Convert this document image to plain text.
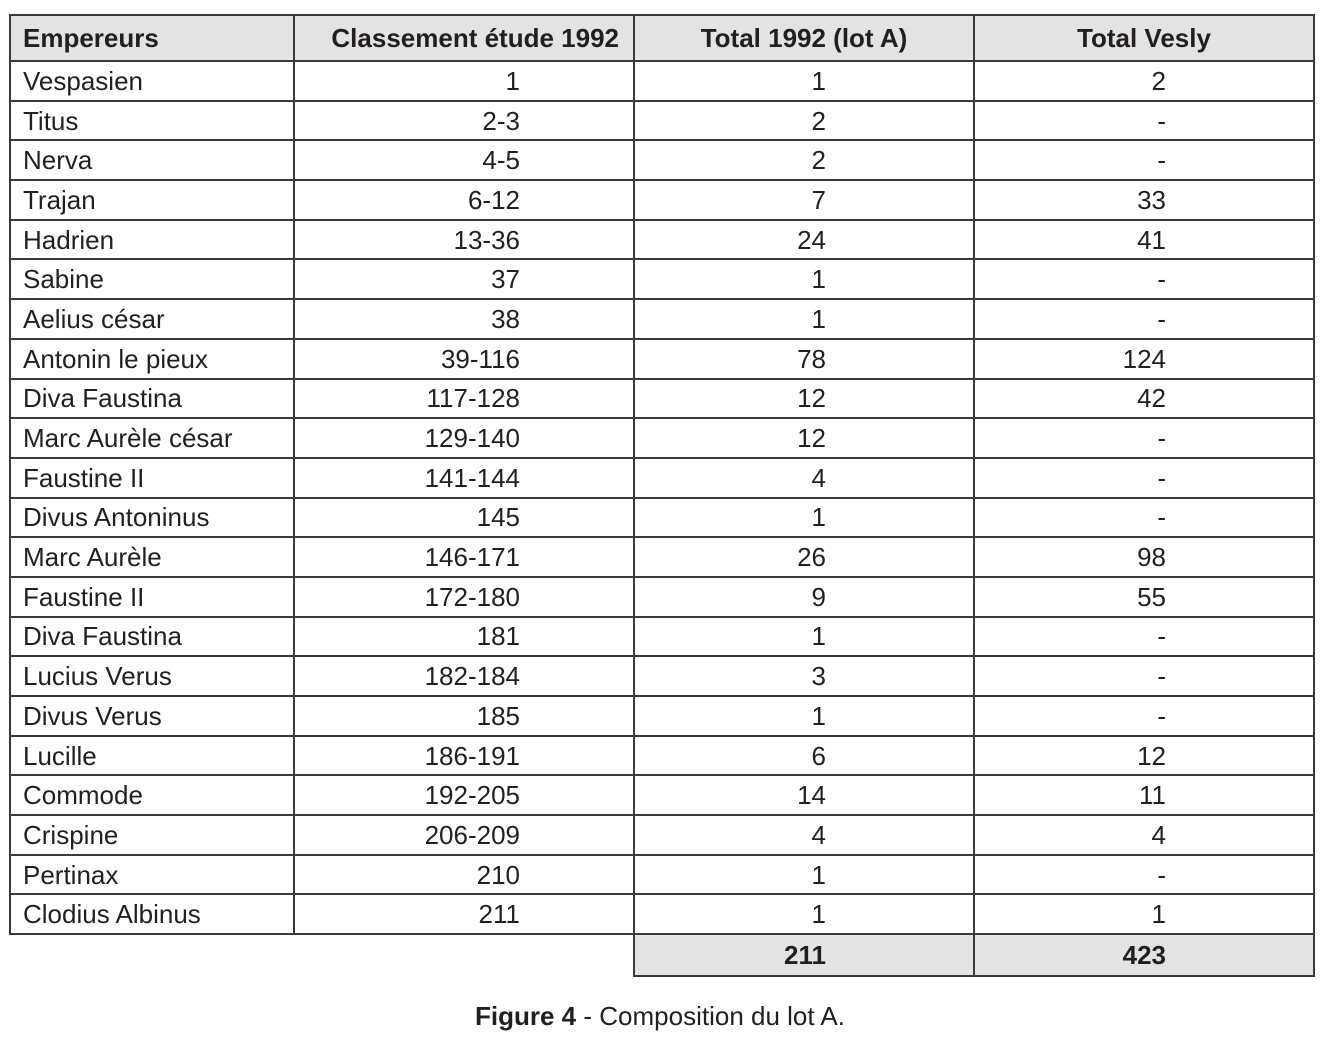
Empereurs	Classement étude 1992	Total 1992 (lot A)	Total Vesly
Vespasien	1	1	2
Titus	2-3	2	-
Nerva	4-5	2	-
Trajan	6-12	7	33
Hadrien	13-36	24	41
Sabine	37	1	-
Aelius césar	38	1	-
Antonin le pieux	39-116	78	124
Diva Faustina	117-128	12	42
Marc Aurèle césar	129-140	12	-
Faustine II	141-144	4	-
Divus Antoninus	145	1	-
Marc Aurèle	146-171	26	98
Faustine II	172-180	9	55
Diva Faustina	181	1	-
Lucius Verus	182-184	3	-
Divus Verus	185	1	-
Lucille	186-191	6	12
Commode	192-205	14	11
Crispine	206-209	4	4
Pertinax	210	1	-
Clodius Albinus	211	1	1
		211	423
Figure 4 - Composition du lot A.
